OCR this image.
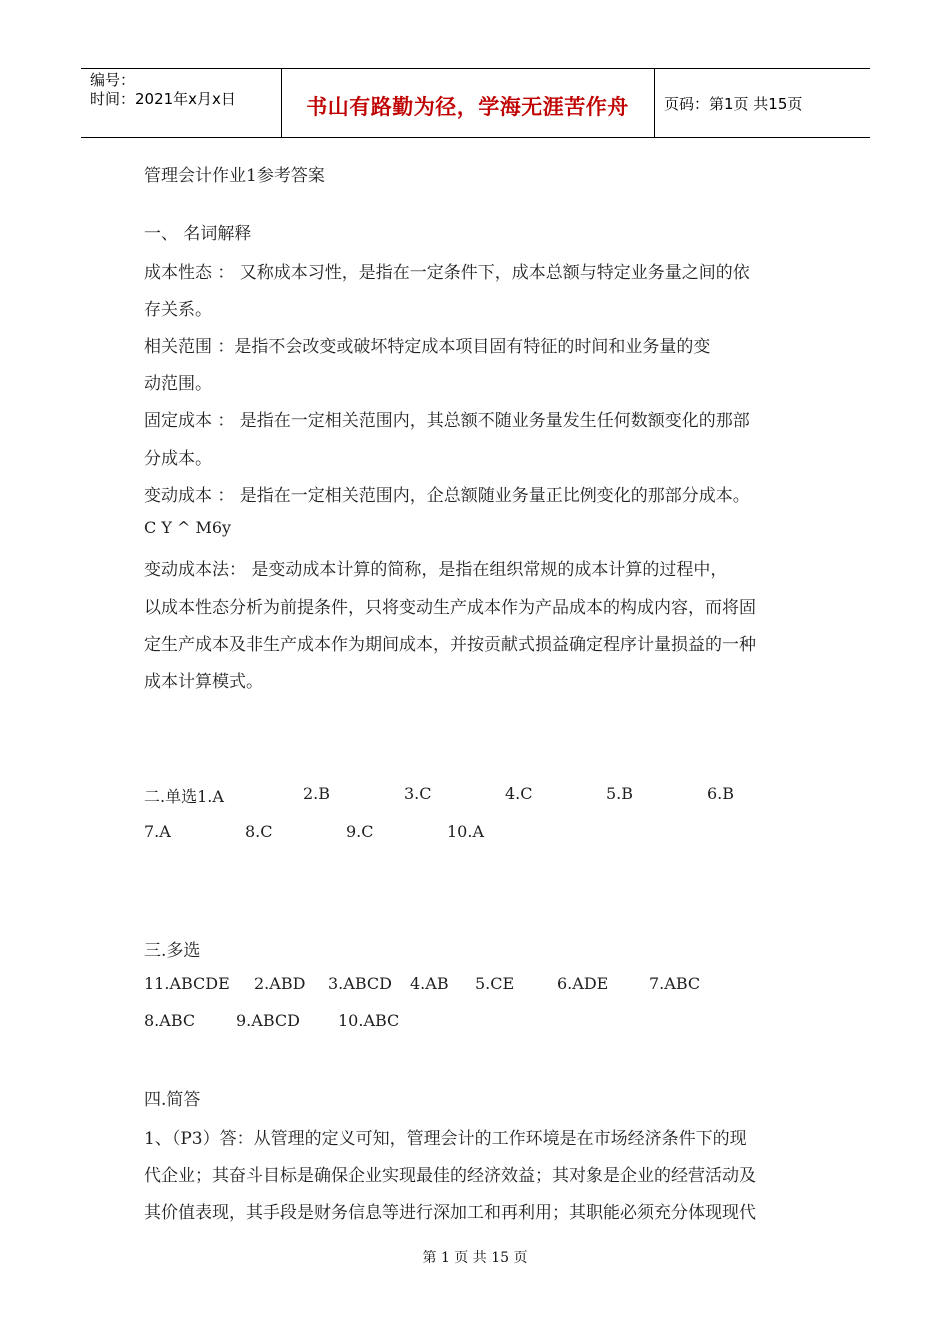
编号：
时间：2021年x月x日	书山有路勤为径，学海无涯苦作舟	页码：第1页 共15页
管理会计作业1参考答案
一、 名词解释
成本性态 ： 又称成本习性，是指在一定条件下，成本总额与特定业务量之间的依
存关系。
相关范围 ：是指不会改变或破坏特定成本项目固有特征的时间和业务量的变
动范围。
固定成本 ： 是指在一定相关范围内，其总额不随业务量发生任何数额变化的那部
分成本。
变动成本 ： 是指在一定相关范围内，企总额随业务量正比例变化的那部分成本。
C Y ^ M6y
变动成本法： 是变动成本计算的简称，是指在组织常规的成本计算的过程中，
以成本性态分析为前提条件，只将变动生产成本作为产品成本的构成内容，而将固
定生产成本及非生产成本作为期间成本，并按贡献式损益确定程序计量损益的一种
成本计算模式。
二.单选1.A	2.B	3.C	4.C	5.B	6.B
7.A	8.C	9.C	10.A
三.多选
11.ABCDE 2.ABD 3.ABCD 4.AB 5.CE	6.ADE	7.ABC
8.ABC	9.ABCD 10.ABC
四.简答
1、（P3）答：从管理的定义可知，管理会计的工作环境是在市场经济条件下的现
代企业；其奋斗目标是确保企业实现最佳的经济效益；其对象是企业的经营活动及
其价值表现，其手段是财务信息等进行深加工和再利用；其职能必须充分体现现代
第 1 页 共 15 页
